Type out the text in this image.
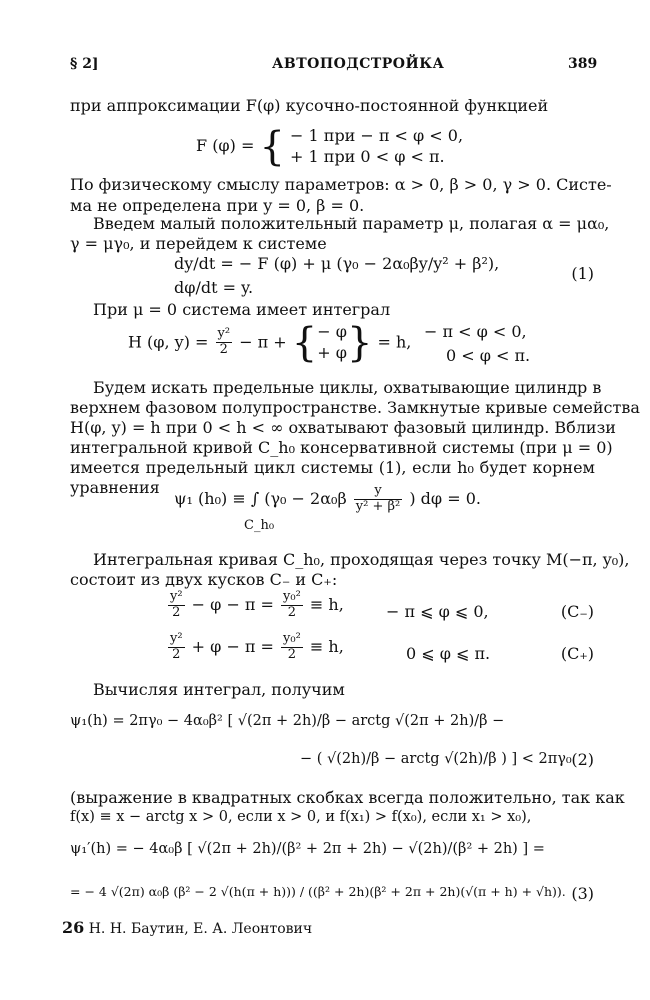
§ 2]	АВТОПОДСТРОЙКА	389
при аппроксимации F(φ) кусочно-постоянной функцией
F (φ) = { − 1 при − π < φ < 0,
+ 1 при 0 < φ < π.
По физическому смыслу параметров: α > 0, β > 0, γ > 0. Систе-
ма не определена при y = 0, β = 0.
Введем малый положительный параметр μ, полагая α = μα₀,
γ = μγ₀, и перейдем к системе
dy/dt = − F (φ) + μ (γ₀ − 2α₀βy/y² + β²),
dφ/dt = y.
(1)
При μ = 0 система имеет интеграл
H (φ, $y) = \frac{\text{y²}}{2} - \pi$ + { − φ
+ φ } = h,
− π < φ < 0,
0 < φ < π.
Будем искать предельные циклы, охватывающие цилиндр в
верхнем фазовом полупространстве. Замкнутые кривые семейства
H(φ, y) = h при 0 < h < ∞ охватывают фазовый цилиндр. Вблизи
интегральной кривой C_h₀ консервативной системы (при μ = 0)
имеется предельный цикл системы (1), если h₀ будет корнем
уравнения
ψ₁ (h₀) ≡ ∫ ($\gamma_0 - 2\alpha_0\beta \frac{y}{\text{y² + β²}}$ ) dφ = 0.
C_h₀
Интегральная кривая C_h₀, проходящая через точку M(−π, y₀),
состоит из двух кусков C₋ и C₊:
$\frac{\text{y²}}{2} - \varphi - \pi = \frac{\text{y₀²}}{2} \equiv h$,	− π ⩽ φ ⩽ 0,	(C₋)
$\frac{\text{y²}}{2} + \varphi - \pi = \frac{\text{y₀²}}{2} \equiv h$,	0 ⩽ φ ⩽ π.	(C₊)
Вычисляя интеграл, получим
ψ₁(h) = 2πγ₀ − 4α₀β² [ √(2π + 2h)/β − arctg √(2π + 2h)/β −
− ( √(2h)/β − arctg √(2h)/β ) ] < 2πγ₀ (2)
(выражение в квадратных скобках всегда положительно, так как
f(x) ≡ x − arctg x > 0, если x > 0, и f(x₁) > f(x₀), если x₁ > x₀),
ψ₁′(h) = − 4α₀β [ √(2π + 2h)/(β² + 2π + 2h) − √(2h)/(β² + 2h) ] =
= − 4 √(2π) α₀β (β² − 2 √(h(π + h))) / ((β² + 2h)(β² + 2π + 2h)(√(π + h) + √h)). (3)
26 Н. Н. Баутин, Е. А. Леонтович
